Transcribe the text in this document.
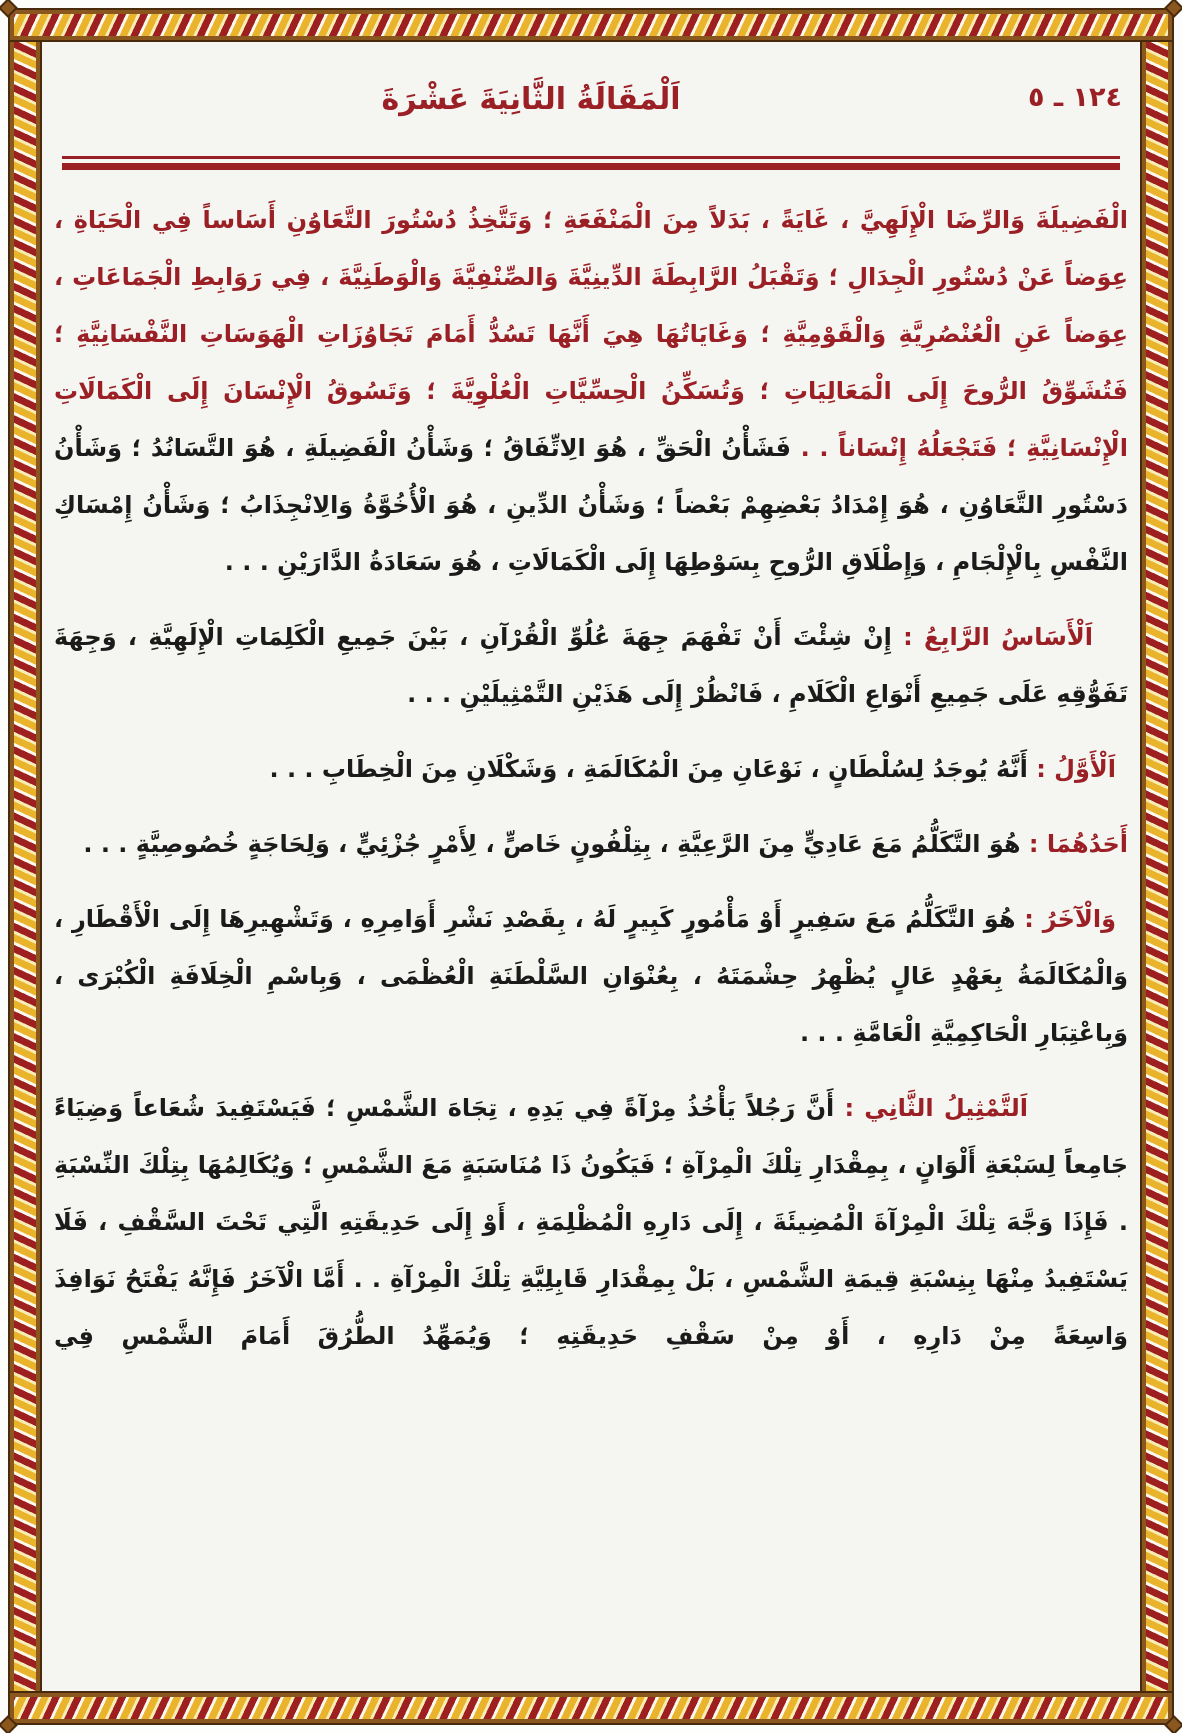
١٢٤ ـ ٥
اَلْمَقَالَةُ الثَّانِيَةَ عَشْرَةَ

الْفَضِيلَةَ وَالرِّضَا الْإِلَهِيَّ ، غَايَةً ، بَدَلاً مِنَ الْمَنْفَعَةِ ؛ وَتَتَّخِذُ دُسْتُورَ التَّعَاوُنِ أَسَاساً فِي الْحَيَاةِ ، عِوَضاً عَنْ دُسْتُورِ الْجِدَالِ ؛ وَتَقْبَلُ الرَّابِطَةَ الدِّينِيَّةَ وَالصِّنْفِيَّةَ وَالْوَطَنِيَّةَ ، فِي رَوَابِطِ الْجَمَاعَاتِ ، عِوَضاً عَنِ الْعُنْصُرِيَّةِ وَالْقَوْمِيَّةِ ؛ وَغَايَاتُهَا هِيَ أَنَّهَا تَسُدُّ أَمَامَ تَجَاوُزَاتِ الْهَوَسَاتِ النَّفْسَانِيَّةِ ؛ فَتُشَوِّقُ الرُّوحَ إِلَى الْمَعَالِيَاتِ ؛ وَتُسَكِّنُ الْحِسِّيَّاتِ الْعُلْوِيَّةَ ؛ وَتَسُوقُ الْإِنْسَانَ إِلَى الْكَمَالَاتِ الْإِنْسَانِيَّةِ ؛ فَتَجْعَلُهُ إِنْسَاناً . . فَشَأْنُ الْحَقِّ ، هُوَ الِاتِّفَاقُ ؛ وَشَأْنُ الْفَضِيلَةِ ، هُوَ التَّسَانُدُ ؛ وَشَأْنُ دَسْتُورِ التَّعَاوُنِ ، هُوَ إِمْدَادُ بَعْضِهِمْ بَعْضاً ؛ وَشَأْنُ الدِّينِ ، هُوَ الْأُخُوَّةُ وَالِانْجِذَابُ ؛ وَشَأْنُ إِمْسَاكِ النَّفْسِ بِالْإِلْجَامِ ، وَإِطْلَاقِ الرُّوحِ بِسَوْطِهَا إِلَى الْكَمَالَاتِ ، هُوَ سَعَادَةُ الدَّارَيْنِ . . .

اَلْأَسَاسُ الرَّابِعُ : إِنْ شِئْتَ أَنْ تَفْهَمَ جِهَةَ عُلُوِّ الْقُرْآنِ ، بَيْنَ جَمِيعِ الْكَلِمَاتِ الْإِلَهِيَّةِ ، وَجِهَةَ تَفَوُّقِهِ عَلَى جَمِيعِ أَنْوَاعِ الْكَلَامِ ، فَانْظُرْ إِلَى هَذَيْنِ التَّمْثِيلَيْنِ . . .

اَلْأَوَّلُ : أَنَّهُ يُوجَدُ لِسُلْطَانٍ ، نَوْعَانِ مِنَ الْمُكَالَمَةِ ، وَشَكْلَانِ مِنَ الْخِطَابِ . . .

أَحَدُهُمَا : هُوَ التَّكَلُّمُ مَعَ عَادِيٍّ مِنَ الرَّعِيَّةِ ، بِتِلْفُونٍ خَاصٍّ ، لِأَمْرٍ جُزْئِيٍّ ، وَلِحَاجَةٍ خُصُوصِيَّةٍ . . .

وَالْآخَرُ : هُوَ التَّكَلُّمُ مَعَ سَفِيرٍ أَوْ مَأْمُورٍ كَبِيرٍ لَهُ ، بِقَصْدِ نَشْرِ أَوَامِرِهِ ، وَتَشْهِيرِهَا إِلَى الْأَقْطَارِ ، وَالْمُكَالَمَةُ بِعَهْدٍ عَالٍ يُظْهِرُ حِشْمَتَهُ ، بِعُنْوَانِ السَّلْطَنَةِ الْعُظْمَى ، وَبِاسْمِ الْخِلَافَةِ الْكُبْرَى ، وَبِاعْتِبَارِ الْحَاكِمِيَّةِ الْعَامَّةِ . . .

اَلتَّمْثِيلُ الثَّانِي : أَنَّ رَجُلاً يَأْخُذُ مِرْآةً فِي يَدِهِ ، تِجَاهَ الشَّمْسِ ؛ فَيَسْتَفِيدَ شُعَاعاً وَضِيَاءً جَامِعاً لِسَبْعَةِ أَلْوَانٍ ، بِمِقْدَارِ تِلْكَ الْمِرْآةِ ؛ فَيَكُونُ ذَا مُنَاسَبَةٍ مَعَ الشَّمْسِ ؛ وَيُكَالِمُهَا بِتِلْكَ النِّسْبَةِ . فَإِذَا وَجَّهَ تِلْكَ الْمِرْآةَ الْمُضِيئَةَ ، إِلَى دَارِهِ الْمُظْلِمَةِ ، أَوْ إِلَى حَدِيقَتِهِ الَّتِي تَحْتَ السَّقْفِ ، فَلَا يَسْتَفِيدُ مِنْهَا بِنِسْبَةِ قِيمَةِ الشَّمْسِ ، بَلْ بِمِقْدَارِ قَابِلِيَّةِ تِلْكَ الْمِرْآةِ . . أَمَّا الْآخَرُ فَإِنَّهُ يَفْتَحُ نَوَافِذَ وَاسِعَةً مِنْ دَارِهِ ، أَوْ مِنْ سَقْفِ حَدِيقَتِهِ ؛ وَيُمَهِّدُ الطُّرُقَ أَمَامَ الشَّمْسِ فِي
